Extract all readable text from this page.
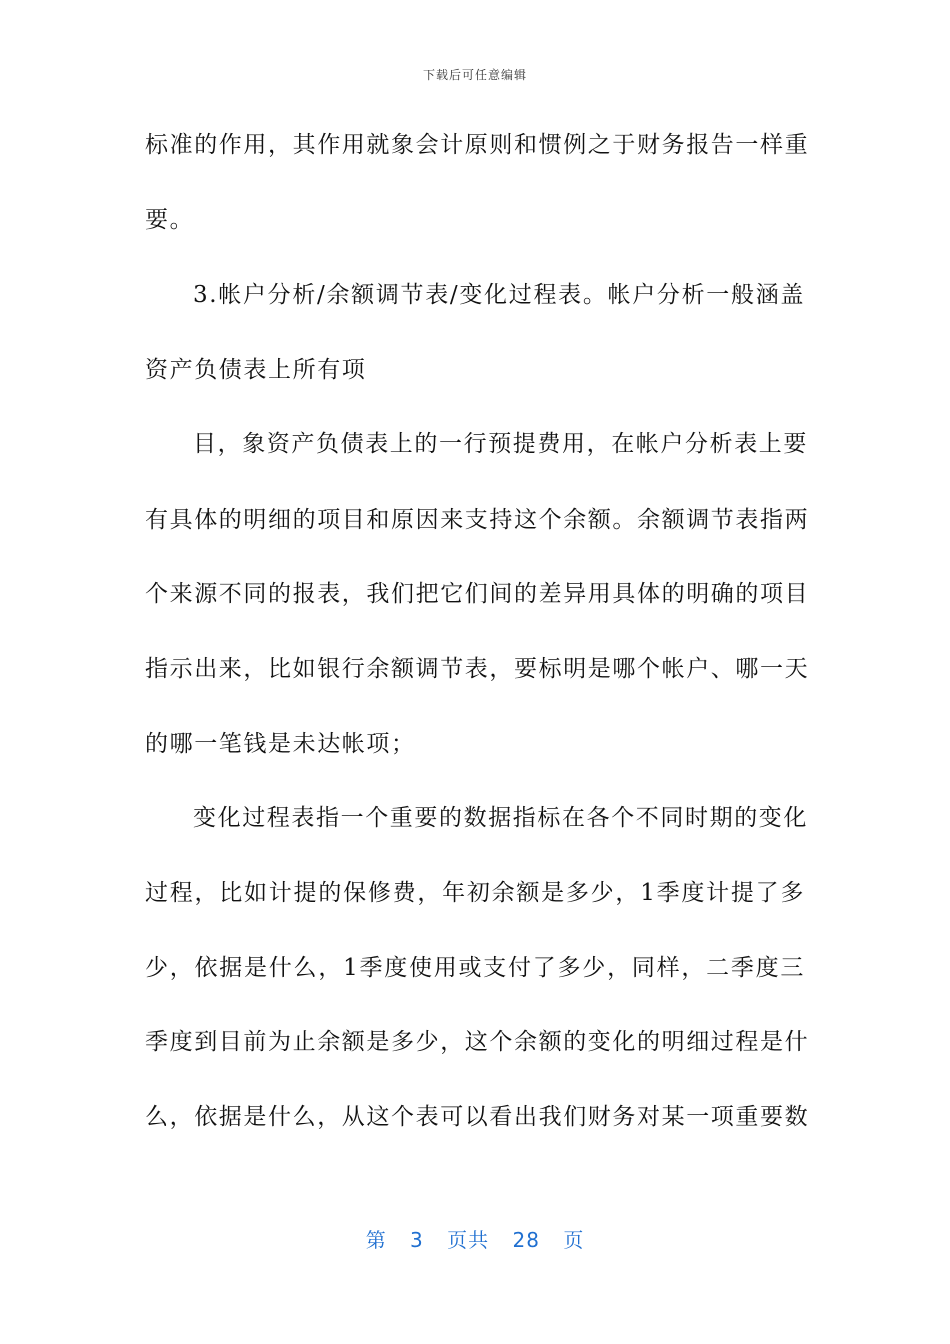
下载后可任意编辑
标准的作用，其作用就象会计原则和惯例之于财务报告一样重
要。
3.帐户分析/余额调节表/变化过程表。帐户分析一般涵盖
资产负债表上所有项
目，象资产负债表上的一行预提费用，在帐户分析表上要
有具体的明细的项目和原因来支持这个余额。余额调节表指两
个来源不同的报表，我们把它们间的差异用具体的明确的项目
指示出来，比如银行余额调节表，要标明是哪个帐户、哪一天
的哪一笔钱是未达帐项；
变化过程表指一个重要的数据指标在各个不同时期的变化
过程，比如计提的保修费，年初余额是多少，1季度计提了多
少，依据是什么，1季度使用或支付了多少，同样，二季度三
季度到目前为止余额是多少，这个余额的变化的明细过程是什
么，依据是什么，从这个表可以看出我们财务对某一项重要数
第 3 页共 28 页
